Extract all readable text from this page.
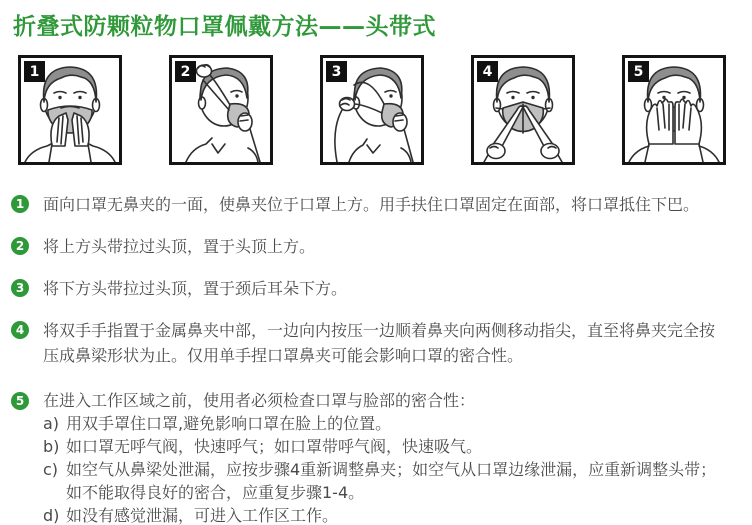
折叠式防颗粒物口罩佩戴方法——头带式
1	2	3	4	5
1	面向口罩无鼻夹的一面，使鼻夹位于口罩上方。用手扶住口罩固定在面部，将口罩抵住下巴。
2	将上方头带拉过头顶，置于头顶上方。
3	将下方头带拉过头顶，置于颈后耳朵下方。
4	将双手手指置于金属鼻夹中部，一边向内按压一边顺着鼻夹向两侧移动指尖，直至将鼻夹完全按压成鼻梁形状为止。仅用单手捏口罩鼻夹可能会影响口罩的密合性。
5	在进入工作区域之前，使用者必须检查口罩与脸部的密合性：
a) 用双手罩住口罩,避免影响口罩在脸上的位置。
b) 如口罩无呼气阀，快速呼气；如口罩带呼气阀，快速吸气。
c) 如空气从鼻梁处泄漏，应按步骤4重新调整鼻夹；如空气从口罩边缘泄漏，应重新调整头带；
如不能取得良好的密合，应重复步骤1-4。
d) 如没有感觉泄漏，可进入工作区工作。
